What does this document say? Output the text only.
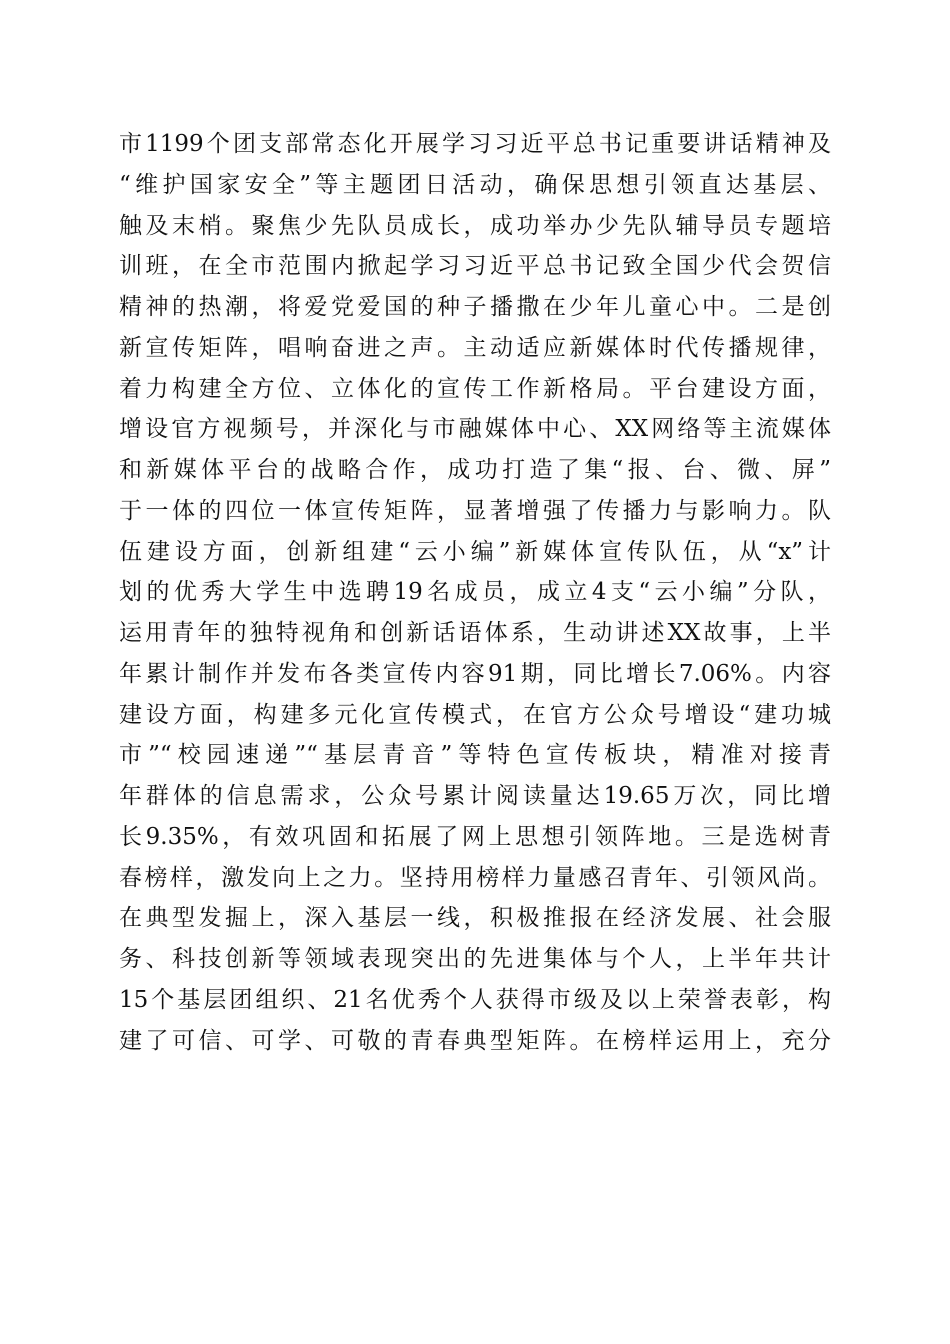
市1199个团支部常态化开展学习习近平总书记重要讲话精神及
“维护国家安全”等主题团日活动，确保思想引领直达基层、
触及末梢。聚焦少先队员成长，成功举办少先队辅导员专题培
训班，在全市范围内掀起学习习近平总书记致全国少代会贺信
精神的热潮，将爱党爱国的种子播撒在少年儿童心中。二是创
新宣传矩阵，唱响奋进之声。主动适应新媒体时代传播规律，
着力构建全方位、立体化的宣传工作新格局。平台建设方面，
增设官方视频号，并深化与市融媒体中心、XX网络等主流媒体
和新媒体平台的战略合作，成功打造了集“报、台、微、屏”
于一体的四位一体宣传矩阵，显著增强了传播力与影响力。队
伍建设方面，创新组建“云小编”新媒体宣传队伍，从“x”计
划的优秀大学生中选聘19名成员，成立4支“云小编”分队，
运用青年的独特视角和创新话语体系，生动讲述XX故事，上半
年累计制作并发布各类宣传内容91期，同比增长7.06%。内容
建设方面，构建多元化宣传模式，在官方公众号增设“建功城
市”“校园速递”“基层青音”等特色宣传板块，精准对接青
年群体的信息需求，公众号累计阅读量达19.65万次，同比增
长9.35%，有效巩固和拓展了网上思想引领阵地。三是选树青
春榜样，激发向上之力。坚持用榜样力量感召青年、引领风尚。
在典型发掘上，深入基层一线，积极推报在经济发展、社会服
务、科技创新等领域表现突出的先进集体与个人，上半年共计
15个基层团组织、21名优秀个人获得市级及以上荣誉表彰，构
建了可信、可学、可敬的青春典型矩阵。在榜样运用上，充分
